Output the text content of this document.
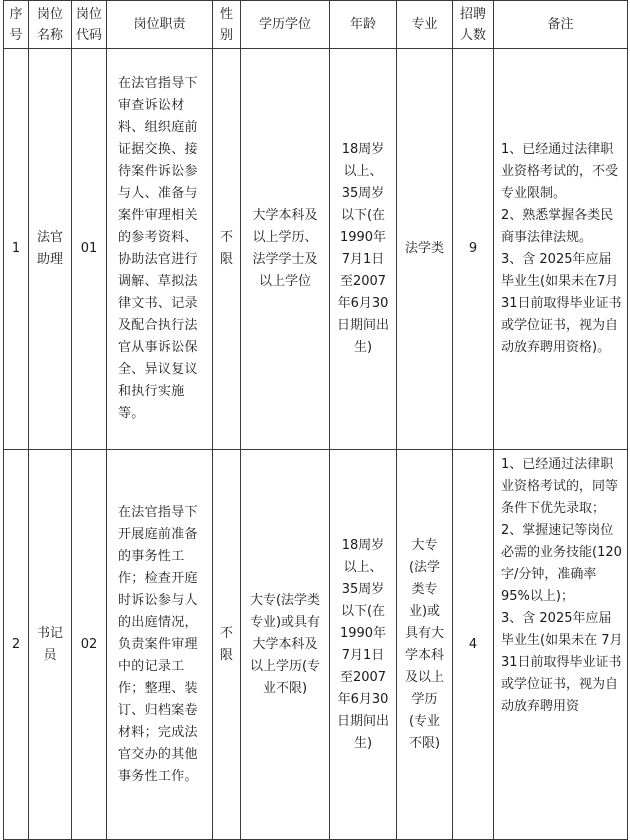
序号	岗位名称	岗位代码	岗位职责	性别	学历学位	年龄	专业	招聘人数	备注

1	法官助理	01	在法官指导下审查诉讼材料、组织庭前证据交换、接待案件诉讼参与人、准备与案件审理相关的参考资料、协助法官进行调解、草拟法律文书、记录及配合执行法官从事诉讼保全、异议复议和执行实施等。	不限	大学本科及以上学历、法学学士及以上学位	18周岁以上、35周岁以下(在1990年7月1日至2007年6月30日期间出生)	法学类	9	1、已经通过法律职业资格考试的，不受专业限制。
2、熟悉掌握各类民商事法律法规。
3、含 2025年应届毕业生(如果未在7月31日前取得毕业证书或学位证书，视为自动放弃聘用资格)。

2	书记员	02	在法官指导下开展庭前准备的事务性工作；检查开庭时诉讼参与人的出庭情况，负责案件审理中的记录工作；整理、装订、归档案卷材料；完成法官交办的其他事务性工作。	不限	大专(法学类专业)或具有大学本科及以上学历(专业不限)	18周岁以上、35周岁以下(在1990年7月1日至2007年6月30日期间出生)	大专(法学类专业)或具有大学本科及以上学历(专业不限)	4	1、已经通过法律职业资格考试的，同等条件下优先录取；
2、掌握速记等岗位必需的业务技能(120字/分钟，准确率 95%以上)；
3、含 2025年应届毕业生(如果未在 7月31日前取得毕业证书或学位证书，视为自动放弃聘用资
